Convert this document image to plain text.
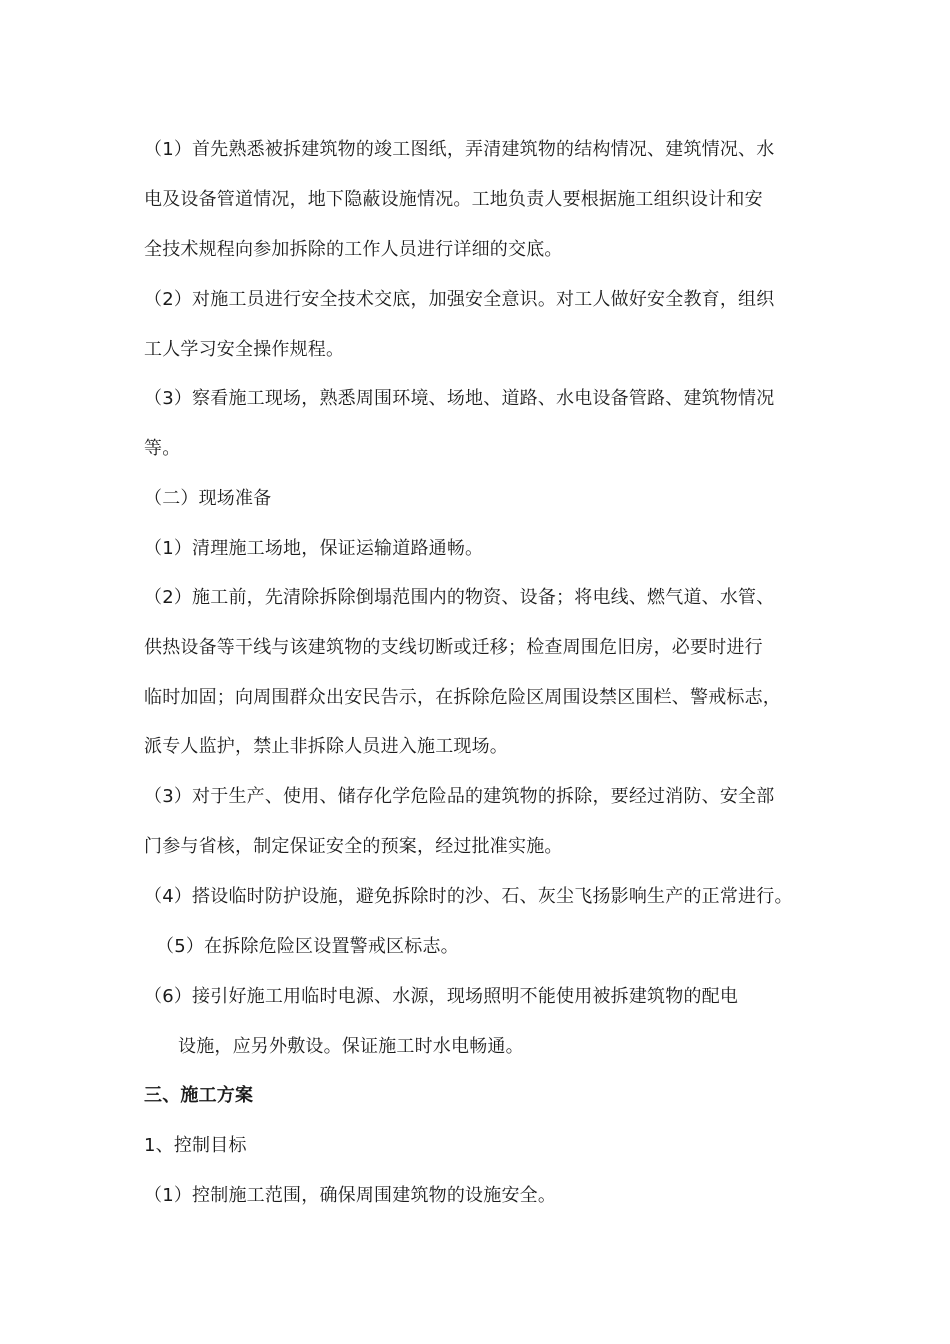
（1）首先熟悉被拆建筑物的竣工图纸，弄清建筑物的结构情况、建筑情况、水
电及设备管道情况，地下隐蔽设施情况。工地负责人要根据施工组织设计和安
全技术规程向参加拆除的工作人员进行详细的交底。
（2）对施工员进行安全技术交底，加强安全意识。对工人做好安全教育，组织
工人学习安全操作规程。
（3）察看施工现场，熟悉周围环境、场地、道路、水电设备管路、建筑物情况
等。
（二）现场准备
（1）清理施工场地，保证运输道路通畅。
（2）施工前，先清除拆除倒塌范围内的物资、设备；将电线、燃气道、水管、
供热设备等干线与该建筑物的支线切断或迁移；检查周围危旧房，必要时进行
临时加固；向周围群众出安民告示，在拆除危险区周围设禁区围栏、警戒标志，
派专人监护，禁止非拆除人员进入施工现场。
（3）对于生产、使用、储存化学危险品的建筑物的拆除，要经过消防、安全部
门参与省核，制定保证安全的预案，经过批准实施。
（4）搭设临时防护设施，避免拆除时的沙、石、灰尘飞扬影响生产的正常进行。
（5）在拆除危险区设置警戒区标志。
（6）接引好施工用临时电源、水源，现场照明不能使用被拆建筑物的配电
设施，应另外敷设。保证施工时水电畅通。
三、施工方案
1、控制目标
（1）控制施工范围，确保周围建筑物的设施安全。
